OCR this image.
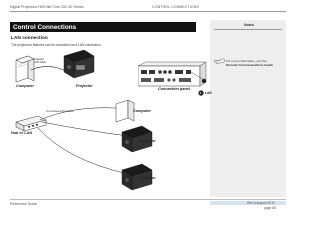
Digital Projection HIGHlite Cine 330 3D Series	CONTROL CONNECTIONS
Control Connections
LAN connection
The projector's features can be controlled via a LAN connection.
Notes
For more information, see the
Remote Communications Guide
Crossed
LAN cable
Computer	Projector
Connection panel
1 LAN
Un-crossed LAN cables
Hub or LAN
Computer
Projector
Projector
Reference Guide	Rev A August 2012
page 85
